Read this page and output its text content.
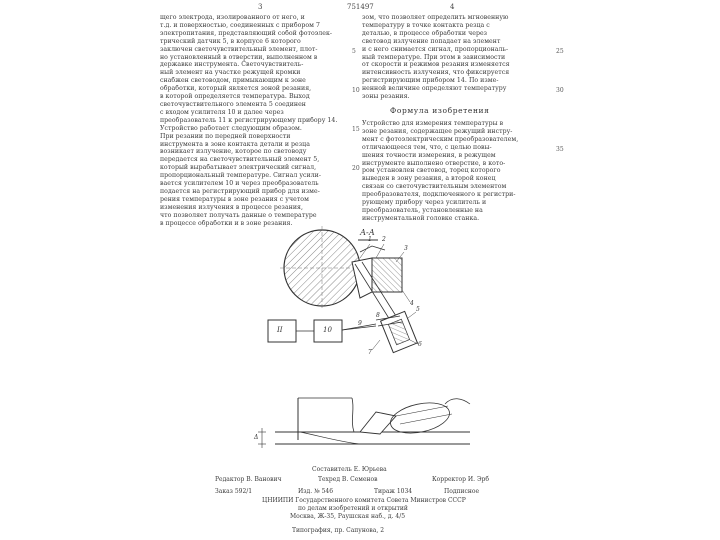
3	751497	4
щего электрода, изолированного от него, и
т.д. и поверхностью, соединенных с прибором 7
электропитания, представляющий собой фотоэлек-
трический датчик 5, в корпусе 6 которого
заключен светочувствительный элемент, плот-
но установленный в отверстии, выполненном в
державке инструмента. Светочувствитель-
ный элемент на участке режущей кромки
снабжен световодом, примыкающим к зоне
обработки, который является зоной резания,
в которой определяется температура. Выход
светочувствительного элемента 5 соединен
с входом усилителя 10 и далее через
преобразователь 11 к регистрирующему прибору 14.
Устройство работает следующим образом.
При резании по передней поверхности
инструмента в зоне контакта детали и резца
возникает излучение, которое по световоду
передается на светочувствительный элемент 5,
который вырабатывает электрический сигнал,
пропорциональный температуре. Сигнал усили-
вается усилителем 10 и через преобразователь
подается на регистрирующий прибор для изме-
рения температуры в зоне резания с учетом
изменения излучения в процессе резания,
что позволяет получать данные о температуре
в процессе обработки и в зоне резания.
5
10
15
20
зом, что позволяет определить мгновенную
температуру в точке контакта резца с
деталью, в процессе обработки через
световод излучение попадает на элемент
и с него снимается сигнал, пропорциональ-
ный температуре. При этом в зависимости
от скорости и режимов резания изменяется
интенсивность излучения, что фиксируется
регистрирующим прибором 14. По изме-
ненной величине определяют температуру
зоны резания.
Формула изобретения
Устройство для измерения температуры в
зоне резания, содержащее режущий инстру-
мент с фотоэлектрическим преобразователем,
отличающееся тем, что, с целью повы-
шения точности измерения, в режущем
инструменте выполнено отверстие, в кото-
ром установлен световод, торец которого
выведен в зону резания, а второй конец
связан со светочувствительным элементом
преобразователя, подключенного к регистри-
рующему прибору через усилитель и
преобразователь, установленные на
инструментальной головке станка.
25
30
35
А-А
II	10
1 2
3
4
5
6
7
8
9
Δ
Составитель Е. Юрьева
Редактор В. Ванович	Техред В. Семенов	Корректор И. Эрб
Заказ 592/1	Изд. № 546	Тираж 1034	Подписное
ЦНИИПИ Государственного комитета Совета Министров СССР
по делам изобретений и открытий
Москва, Ж-35, Раушская наб., д. 4/5
Типография, пр. Сапунова, 2
